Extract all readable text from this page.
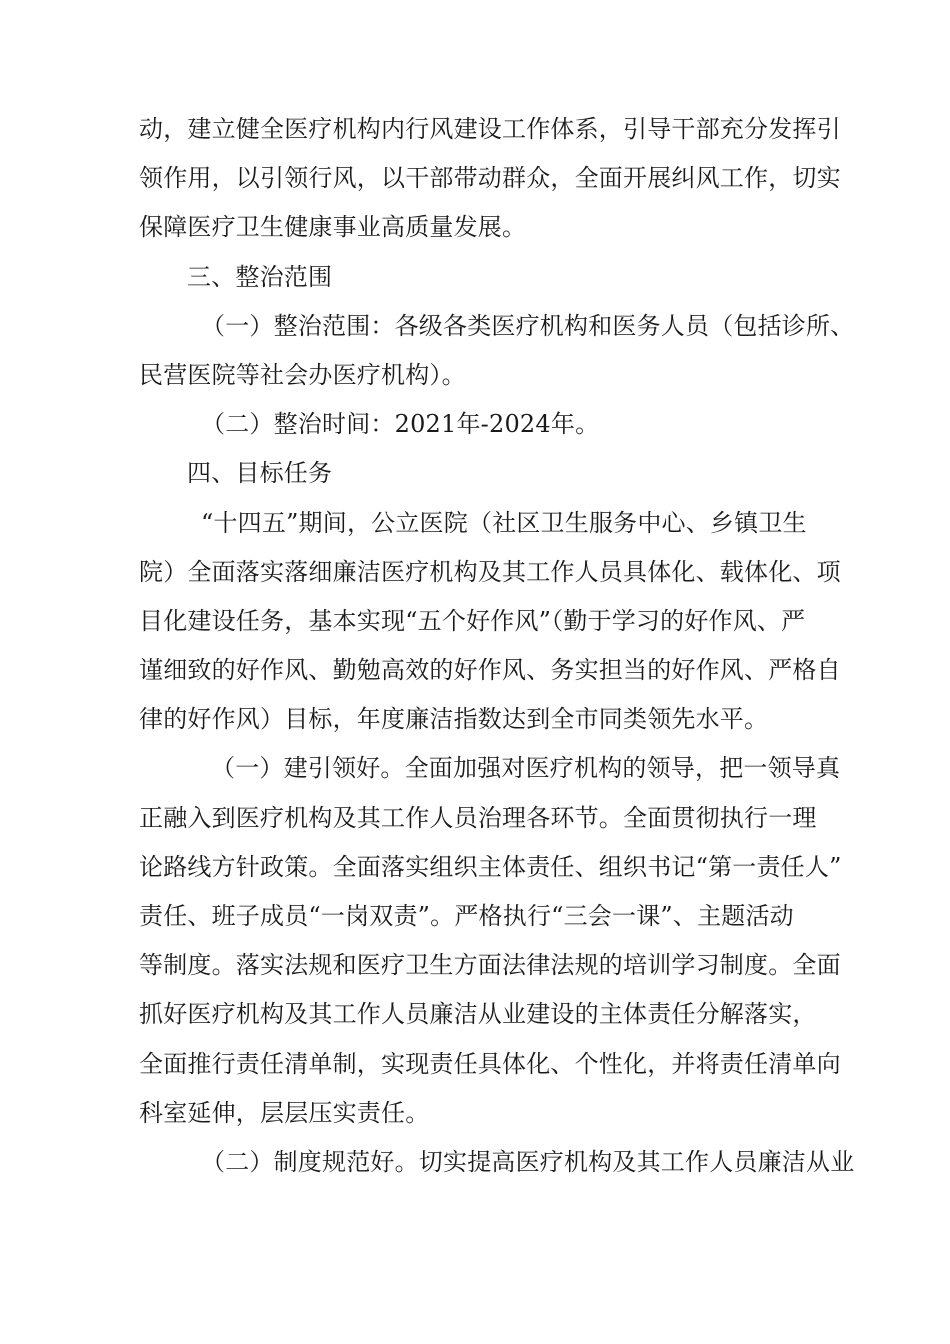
动，建立健全医疗机构内行风建设工作体系，引导干部充分发挥引
领作用，以引领行风，以干部带动群众，全面开展纠风工作，切实
保障医疗卫生健康事业高质量发展。
三、整治范围
（一）整治范围：各级各类医疗机构和医务人员（包括诊所、
民营医院等社会办医疗机构）。
（二）整治时间：2021年-2024年。
四、目标任务
“十四五”期间，公立医院（社区卫生服务中心、乡镇卫生
院）全面落实落细廉洁医疗机构及其工作人员具体化、载体化、项
目化建设任务，基本实现“五个好作风”（勤于学习的好作风、严
谨细致的好作风、勤勉高效的好作风、务实担当的好作风、严格自
律的好作风）目标，年度廉洁指数达到全市同类领先水平。
（一）建引领好。全面加强对医疗机构的领导，把一领导真
正融入到医疗机构及其工作人员治理各环节。全面贯彻执行一理
论路线方针政策。全面落实组织主体责任、组织书记“第一责任人”
责任、班子成员“一岗双责”。严格执行“三会一课”、主题活动
等制度。落实法规和医疗卫生方面法律法规的培训学习制度。全面
抓好医疗机构及其工作人员廉洁从业建设的主体责任分解落实，
全面推行责任清单制，实现责任具体化、个性化，并将责任清单向
科室延伸，层层压实责任。
（二）制度规范好。切实提高医疗机构及其工作人员廉洁从业
